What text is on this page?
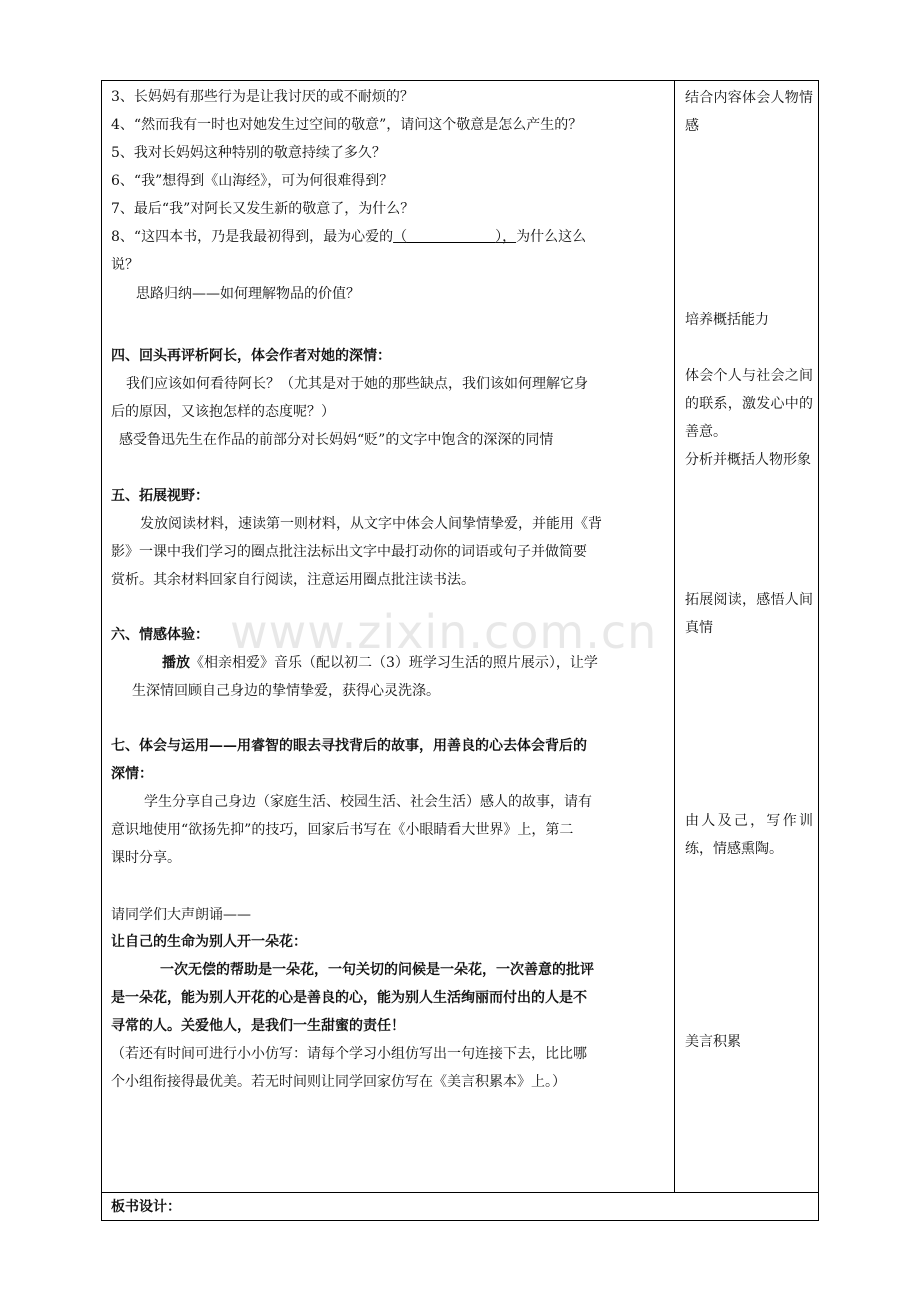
3、长妈妈有那些行为是让我讨厌的或不耐烦的？
4、“然而我有一时也对她发生过空间的敬意”，请问这个敬意是怎么产生的？
5、我对长妈妈这种特别的敬意持续了多久？
6、“我”想得到《山海经》，可为何很难得到？
7、最后“我”对阿长又发生新的敬意了，为什么？
8、“这四本书，乃是我最初得到，最为心爱的（	），为什么这么
说？
思路归纳——如何理解物品的价值？
四、回头再评析阿长，体会作者对她的深情：
我们应该如何看待阿长？（尤其是对于她的那些缺点，我们该如何理解它身
后的原因，又该抱怎样的态度呢？）
感受鲁迅先生在作品的前部分对长妈妈“贬”的文字中饱含的深深的同情
五、拓展视野：
发放阅读材料，速读第一则材料，从文字中体会人间挚情挚爱，并能用《背
影》一课中我们学习的圈点批注法标出文字中最打动你的词语或句子并做简要
赏析。其余材料回家自行阅读，注意运用圈点批注读书法。
六、情感体验：
播放《相亲相爱》音乐（配以初二（3）班学习生活的照片展示），让学
生深情回顾自己身边的挚情挚爱，获得心灵洗涤。
七、体会与运用——用睿智的眼去寻找背后的故事，用善良的心去体会背后的
深情：
学生分享自己身边（家庭生活、校园生活、社会生活）感人的故事，请有
意识地使用“欲扬先抑”的技巧，回家后书写在《小眼睛看大世界》上，第二
课时分享。
请同学们大声朗诵——
让自己的生命为别人开一朵花：
一次无偿的帮助是一朵花，一句关切的问候是一朵花，一次善意的批评
是一朵花，能为别人开花的心是善良的心，能为别人生活绚丽而付出的人是不
寻常的人。关爱他人，是我们一生甜蜜的责任！
（若还有时间可进行小小仿写：请每个学习小组仿写出一句连接下去，比比哪
个小组衔接得最优美。若无时间则让同学回家仿写在《美言积累本》上。）
结合内容体会人物情感
培养概括能力
体会个人与社会之间的联系，激发心中的善意。
分析并概括人物形象
拓展阅读，感悟人间真情
由人及己，写作训练，情感熏陶。
美言积累
板书设计：
www.zixin.com.cn
